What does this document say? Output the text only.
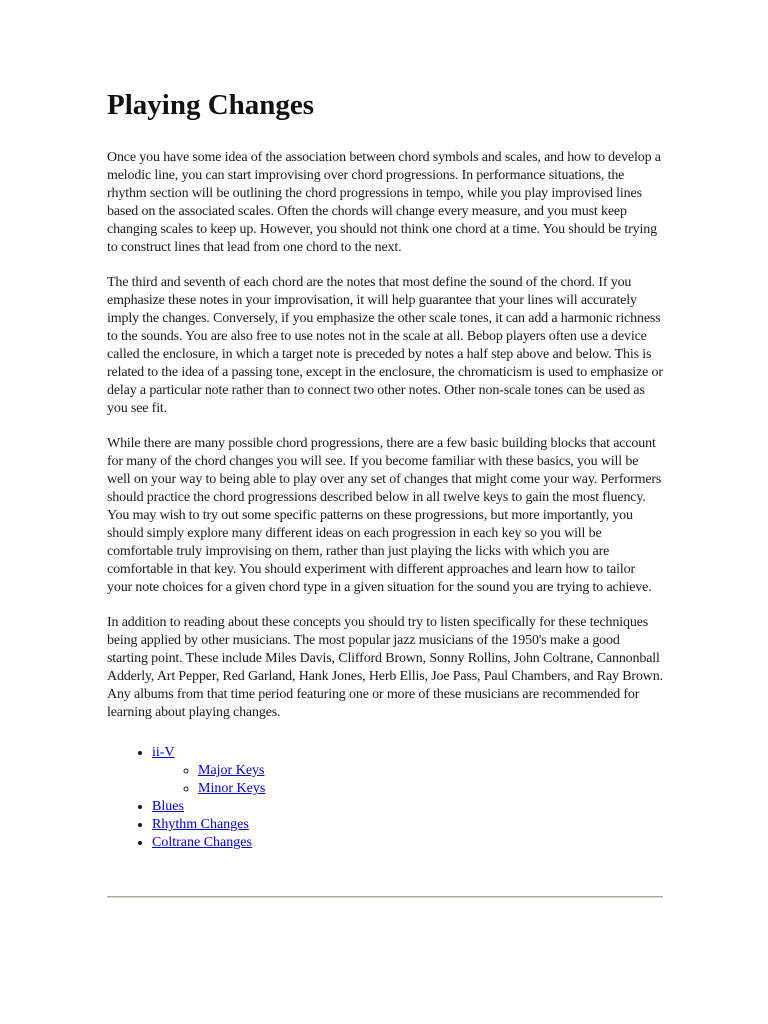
Playing Changes

Once you have some idea of the association between chord symbols and scales, and how to develop a melodic line, you can start improvising over chord progressions. In performance situations, the rhythm section will be outlining the chord progressions in tempo, while you play improvised lines based on the associated scales. Often the chords will change every measure, and you must keep changing scales to keep up. However, you should not think one chord at a time. You should be trying to construct lines that lead from one chord to the next.

The third and seventh of each chord are the notes that most define the sound of the chord. If you emphasize these notes in your improvisation, it will help guarantee that your lines will accurately imply the changes. Conversely, if you emphasize the other scale tones, it can add a harmonic richness to the sounds. You are also free to use notes not in the scale at all. Bebop players often use a device called the enclosure, in which a target note is preceded by notes a half step above and below. This is related to the idea of a passing tone, except in the enclosure, the chromaticism is used to emphasize or delay a particular note rather than to connect two other notes. Other non-scale tones can be used as you see fit.

While there are many possible chord progressions, there are a few basic building blocks that account for many of the chord changes you will see. If you become familiar with these basics, you will be well on your way to being able to play over any set of changes that might come your way. Performers should practice the chord progressions described below in all twelve keys to gain the most fluency. You may wish to try out some specific patterns on these progressions, but more importantly, you should simply explore many different ideas on each progression in each key so you will be comfortable truly improvising on them, rather than just playing the licks with which you are comfortable in that key. You should experiment with different approaches and learn how to tailor your note choices for a given chord type in a given situation for the sound you are trying to achieve.

In addition to reading about these concepts you should try to listen specifically for these techniques being applied by other musicians. The most popular jazz musicians of the 1950's make a good starting point. These include Miles Davis, Clifford Brown, Sonny Rollins, John Coltrane, Cannonball Adderly, Art Pepper, Red Garland, Hank Jones, Herb Ellis, Joe Pass, Paul Chambers, and Ray Brown. Any albums from that time period featuring one or more of these musicians are recommended for learning about playing changes.

• ii-V
◦ Major Keys
◦ Minor Keys
• Blues
• Rhythm Changes
• Coltrane Changes
